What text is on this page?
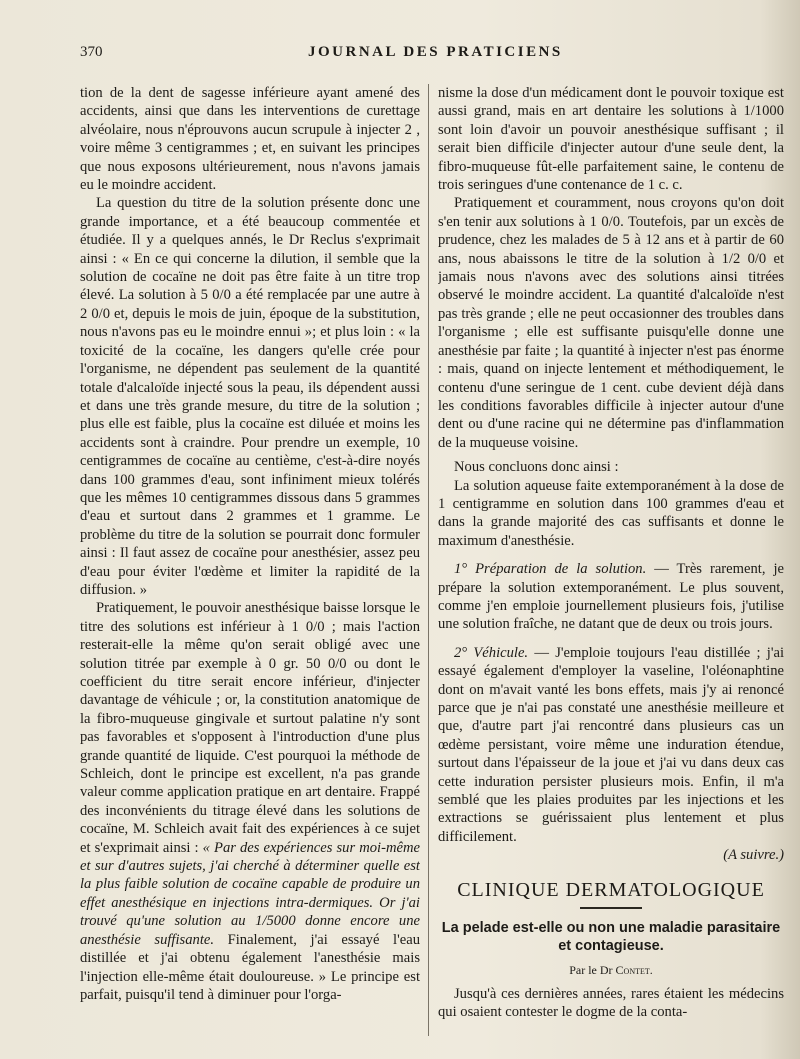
370	JOURNAL DES PRATICIENS

tion de la dent de sagesse inférieure ayant amené des accidents, ainsi que dans les interventions de curettage alvéolaire, nous n'éprouvons aucun scrupule à injecter 2 , voire même 3 centigrammes ; et, en suivant les principes que nous exposons ultérieurement, nous n'avons jamais eu le moindre accident.

La question du titre de la solution présente donc une grande importance, et a été beaucoup commentée et étudiée. Il y a quelques annés, le Dr Reclus s'exprimait ainsi : « En ce qui concerne la dilution, il semble que la solution de cocaïne ne doit pas être faite à un titre trop élevé. La solution à 5 0/0 a été remplacée par une autre à 2 0/0 et, depuis le mois de juin, époque de la substitution, nous n'avons pas eu le moindre ennui »; et plus loin : « la toxicité de la cocaïne, les dangers qu'elle crée pour l'organisme, ne dépendent pas seulement de la quantité totale d'alcaloïde injecté sous la peau, ils dépendent aussi et dans une très grande mesure, du titre de la solution ; plus elle est faible, plus la cocaïne est diluée et moins les accidents sont à craindre. Pour prendre un exemple, 10 centigrammes de cocaïne au centième, c'est-à-dire noyés dans 100 grammes d'eau, sont infiniment mieux tolérés que les mêmes 10 centigrammes dissous dans 5 grammes d'eau et surtout dans 2 grammes et 1 gramme. Le problème du titre de la solution se pourrait donc formuler ainsi : Il faut assez de cocaïne pour anesthésier, assez peu d'eau pour éviter l'œdème et limiter la rapidité de la diffusion. »

Pratiquement, le pouvoir anesthésique baisse lorsque le titre des solutions est inférieur à 1 0/0 ; mais l'action resterait-elle la même qu'on serait obligé avec une solution titrée par exemple à 0 gr. 50 0/0 ou dont le coefficient du titre serait encore inférieur, d'injecter davantage de véhicule ; or, la constitution anatomique de la fibro-muqueuse gingivale et surtout palatine n'y sont pas favorables et s'opposent à l'introduction d'une plus grande quantité de liquide. C'est pourquoi la méthode de Schleich, dont le principe est excellent, n'a pas grande valeur comme application pratique en art dentaire. Frappé des inconvénients du titrage élevé dans les solutions de cocaïne, M. Schleich avait fait des expériences à ce sujet et s'exprimait ainsi : « Par des expériences sur moi-même et sur d'autres sujets, j'ai cherché à déterminer quelle est la plus faible solution de cocaïne capable de produire un effet anesthésique en injections intra-dermiques. Or j'ai trouvé qu'une solution au 1/5000 donne encore une anesthésie suffisante. Finalement, j'ai essayé l'eau distillée et j'ai obtenu également l'anesthésie mais l'injection elle-même était douloureuse. » Le principe est parfait, puisqu'il tend à diminuer pour l'orga-

nisme la dose d'un médicament dont le pouvoir toxique est aussi grand, mais en art dentaire les solutions à 1/1000 sont loin d'avoir un pouvoir anesthésique suffisant ; il serait bien difficile d'injecter autour d'une seule dent, la fibro-muqueuse fût-elle parfaitement saine, le contenu de trois seringues d'une contenance de 1 c. c.

Pratiquement et couramment, nous croyons qu'on doit s'en tenir aux solutions à 1 0/0. Toutefois, par un excès de prudence, chez les malades de 5 à 12 ans et à partir de 60 ans, nous abaissons le titre de la solution à 1/2 0/0 et jamais nous n'avons avec des solutions ainsi titrées observé le moindre accident. La quantité d'alcaloïde n'est pas très grande ; elle ne peut occasionner des troubles dans l'organisme ; elle est suffisante puisqu'elle donne une anesthésie par faite ; la quantité à injecter n'est pas énorme : mais, quand on injecte lentement et méthodiquement, le contenu d'une seringue de 1 cent. cube devient déjà dans les conditions favorables difficile à injecter autour d'une dent ou d'une racine qui ne détermine pas d'inflammation de la muqueuse voisine.

Nous concluons donc ainsi :

La solution aqueuse faite extemporanément à la dose de 1 centigramme en solution dans 100 grammes d'eau et dans la grande majorité des cas suffisants et donne le maximum d'anesthésie.

1° Préparation de la solution. — Très rarement, je prépare la solution extemporanément. Le plus souvent, comme j'en emploie journellement plusieurs fois, j'utilise une solution fraîche, ne datant que de deux ou trois jours.

2° Véhicule. — J'emploie toujours l'eau distillée ; j'ai essayé également d'employer la vaseline, l'oléonaphtine dont on m'avait vanté les bons effets, mais j'y ai renoncé parce que je n'ai pas constaté une anesthésie meilleure et que, d'autre part j'ai rencontré dans plusieurs cas un œdème persistant, voire même une induration étendue, surtout dans l'épaisseur de la joue et j'ai vu dans deux cas cette induration persister plusieurs mois. Enfin, il m'a semblé que les plaies produites par les injections et les extractions se guérissaient plus lentement et plus difficilement.

(A suivre.)

CLINIQUE DERMATOLOGIQUE
La pelade est-elle ou non une maladie parasitaire et contagieuse.
Par le Dr Contet.

Jusqu'à ces dernières années, rares étaient les médecins qui osaient contester le dogme de la conta-
